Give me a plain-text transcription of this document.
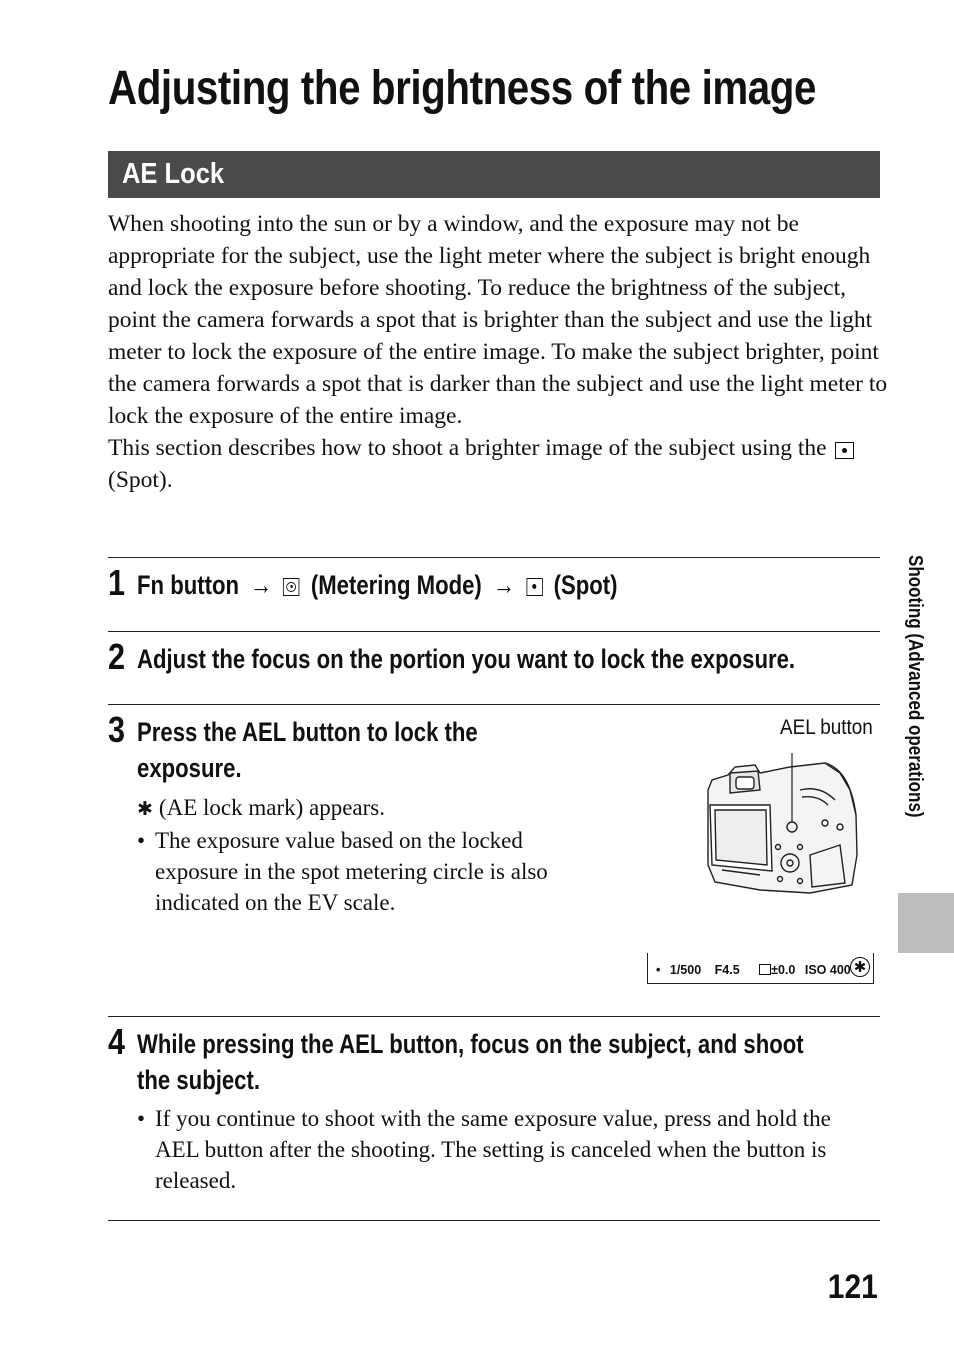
Adjusting the brightness of the image
AE Lock

When shooting into the sun or by a window, and the exposure may not be appropriate for the subject, use the light meter where the subject is bright enough and lock the exposure before shooting. To reduce the brightness of the subject, point the camera forwards a spot that is brighter than the subject and use the light meter to lock the exposure of the entire image. To make the subject brighter, point the camera forwards a spot that is darker than the subject and use the light meter to lock the exposure of the entire image.

This section describes how to shoot a brighter image of the subject using the
(Spot).

1 Fn button → (Metering Mode) → (Spot)
2 Adjust the focus on the portion you want to lock the exposure.
3 Press the AEL button to lock the
exposure.
✱ (AE lock mark) appears.
• The exposure value based on the locked exposure in the spot metering circle is also indicated on the EV scale.
AEL button
• 1/500 F4.5	±0.0 ISO 400 ✱
4 While pressing the AEL button, focus on the subject, and shoot
the subject.
• If you continue to shoot with the same exposure value, press and hold the AEL button after the shooting. The setting is canceled when the button is released.
Shooting (Advanced operations)
121
